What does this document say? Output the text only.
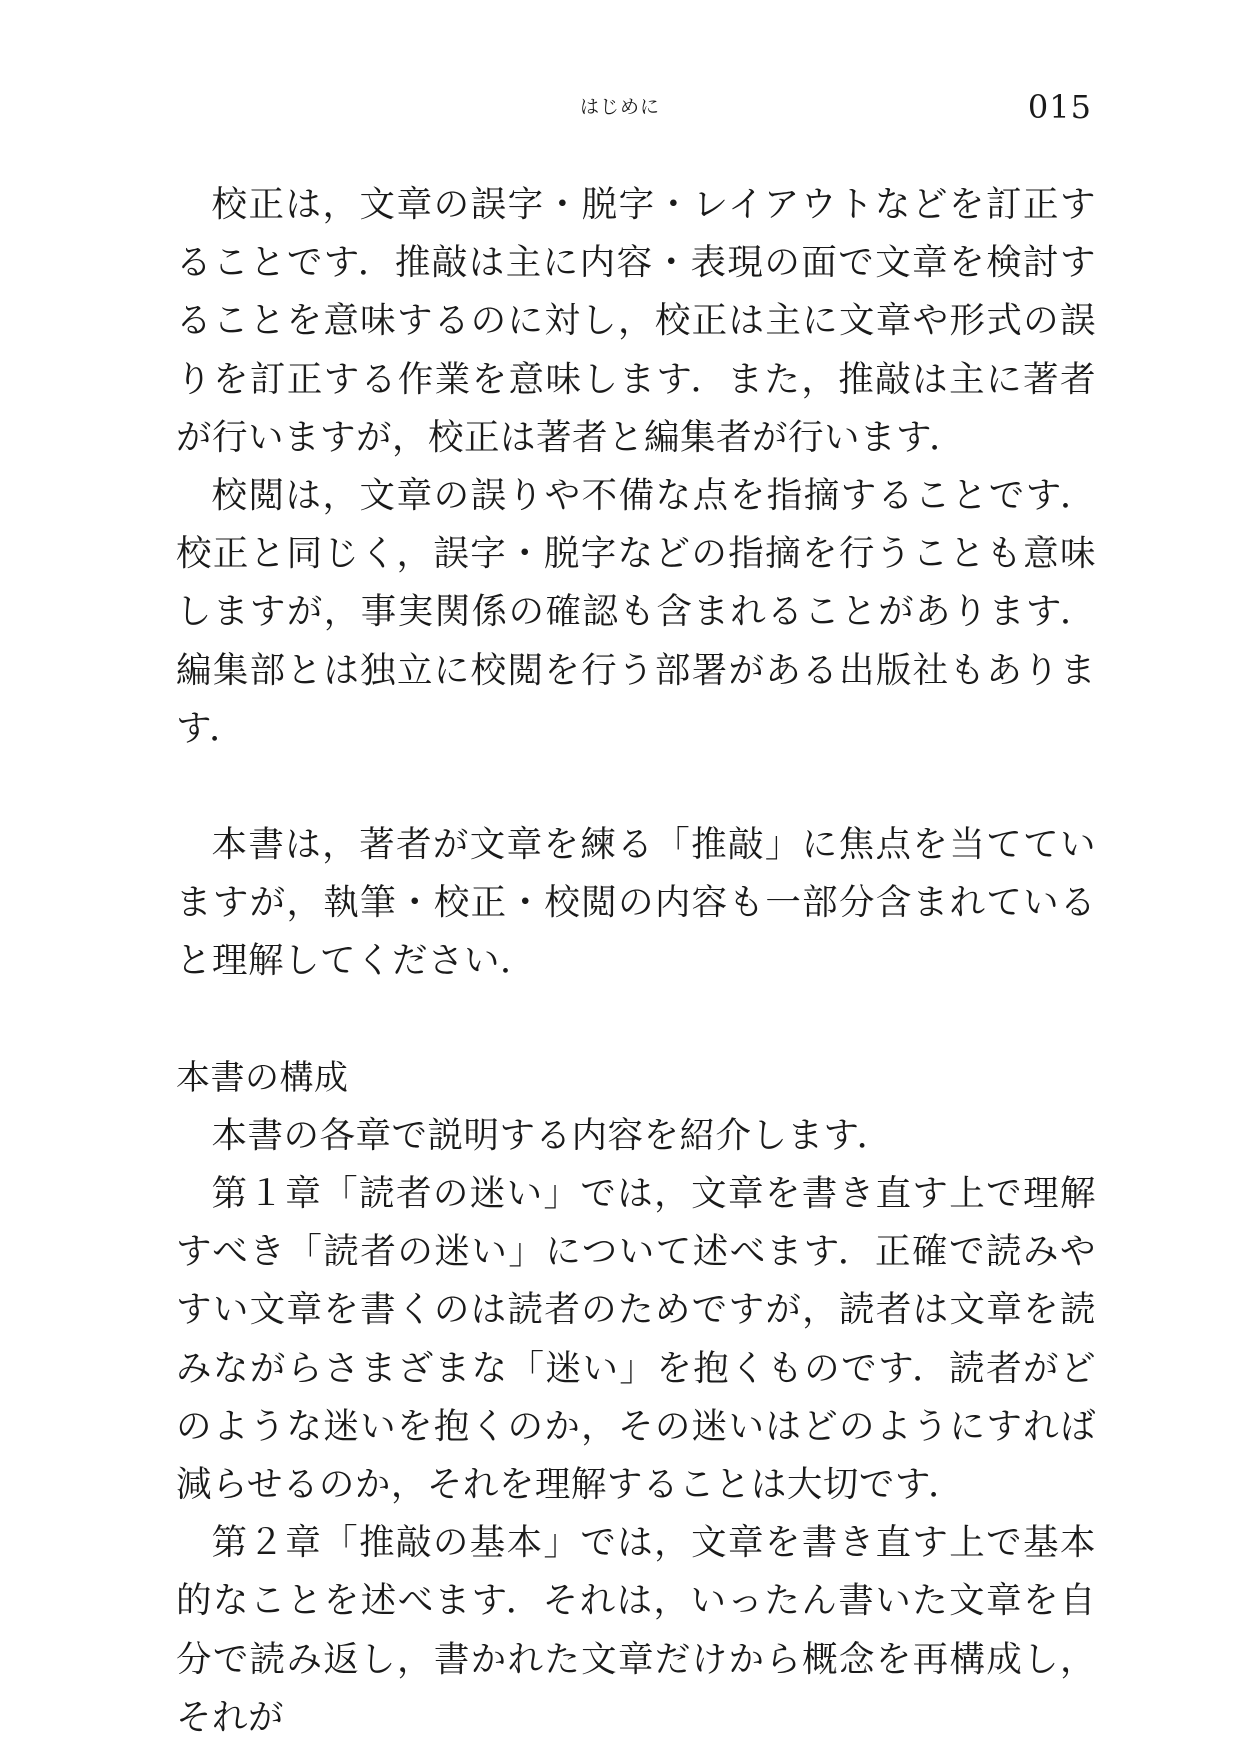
はじめに	015

校正は，文章の誤字・脱字・レイアウトなどを訂正することです．推敲は主に内容・表現の面で文章を検討することを意味するのに対し，校正は主に文章や形式の誤りを訂正する作業を意味します．また，推敲は主に著者が行いますが，校正は著者と編集者が行います．

校閲は，文章の誤りや不備な点を指摘することです．校正と同じく，誤字・脱字などの指摘を行うことも意味しますが，事実関係の確認も含まれることがあります．編集部とは独立に校閲を行う部署がある出版社もあります．

本書は，著者が文章を練る「推敲」に焦点を当てていますが，執筆・校正・校閲の内容も一部分含まれていると理解してください．

本書の構成

本書の各章で説明する内容を紹介します．

第１章「読者の迷い」では，文章を書き直す上で理解すべき「読者の迷い」について述べます．正確で読みやすい文章を書くのは読者のためですが，読者は文章を読みながらさまざまな「迷い」を抱くものです．読者がどのような迷いを抱くのか，その迷いはどのようにすれば減らせるのか，それを理解することは大切です．

第２章「推敲の基本」では，文章を書き直す上で基本的なことを述べます．それは，いったん書いた文章を自分で読み返し，書かれた文章だけから概念を再構成し，それが
